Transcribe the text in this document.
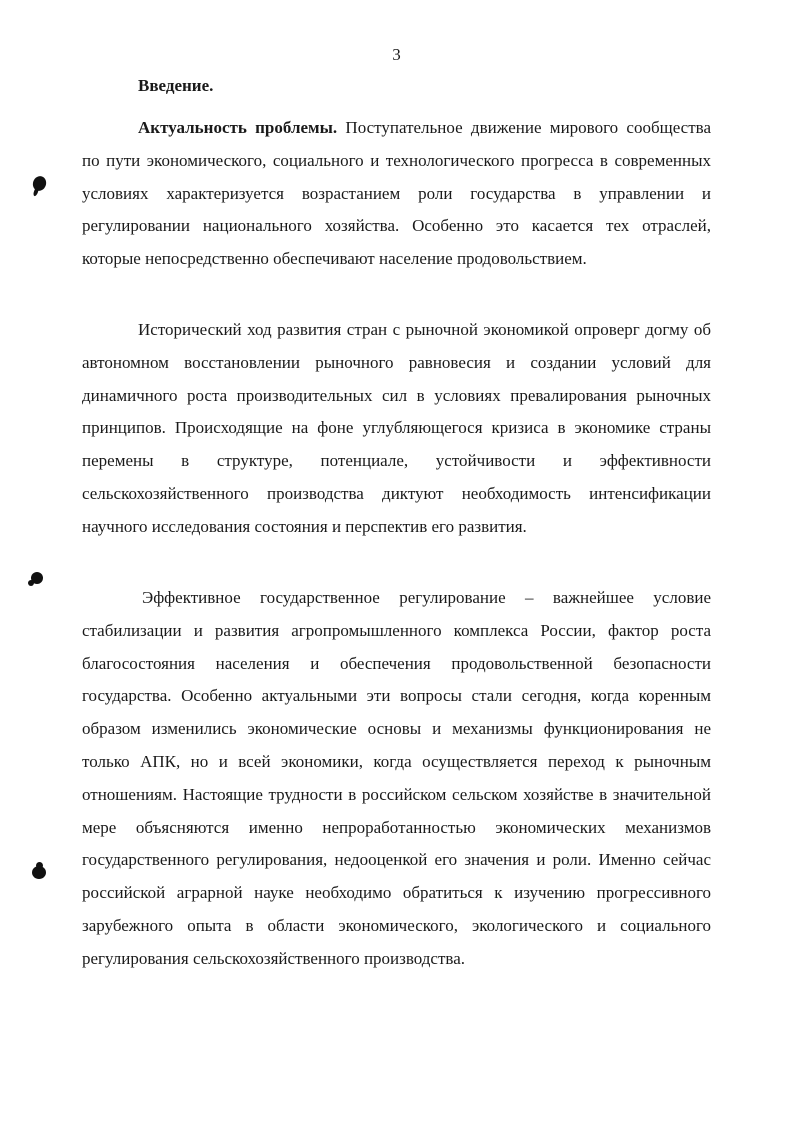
3
Введение.
Актуальность проблемы. Поступательное движение мирового сообщества по пути экономического, социального и технологического прогресса в современных условиях характеризуется возрастанием роли государства в управлении и регулировании национального хозяйства. Особенно это касается тех отраслей, которые непосредственно обеспечивают население продовольствием.
Исторический ход развития стран с рыночной экономикой опроверг догму об автономном восстановлении рыночного равновесия и создании условий для динамичного роста производительных сил в условиях превалирования рыночных принципов. Происходящие на фоне углубляющегося кризиса в экономике страны перемены в структуре, потенциале, устойчивости и эффективности сельскохозяйственного производства диктуют необходимость интенсификации научного исследования состояния и перспектив его развития.
Эффективное государственное регулирование – важнейшее условие стабилизации и развития агропромышленного комплекса России, фактор роста благосостояния населения и обеспечения продовольственной безопасности государства. Особенно актуальными эти вопросы стали сегодня, когда коренным образом изменились экономические основы и механизмы функционирования не только АПК, но и всей экономики, когда осуществляется переход к рыночным отношениям. Настоящие трудности в российском сельском хозяйстве в значительной мере объясняются именно непроработанностью экономических механизмов государственного регулирования, недооценкой его значения и роли. Именно сейчас российской аграрной науке необходимо обратиться к изучению прогрессивного зарубежного опыта в области экономического, экологического и социального регулирования сельскохозяйственного производства.
